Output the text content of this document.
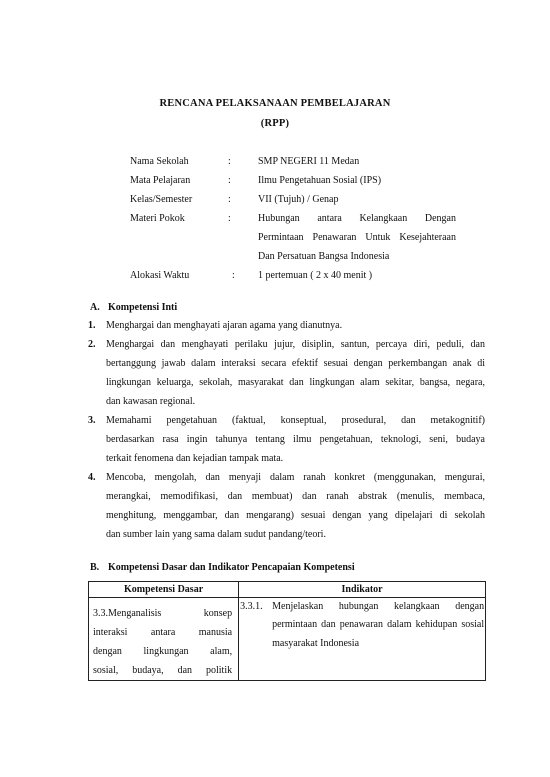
RENCANA PELAKSANAAN PEMBELAJARAN
(RPP)
Nama Sekolah	:	SMP NEGERI 11 Medan
Mata Pelajaran	:	Ilmu Pengetahuan Sosial (IPS)
Kelas/Semester	:	VII (Tujuh) / Genap
Materi Pokok	:	Hubungan antara Kelangkaan Dengan
Permintaan Penawaran Untuk Kesejahteraan
Dan Persatuan Bangsa Indonesia
Alokasi Waktu	:	1 pertemuan ( 2 x 40 menit )
A. Kompetensi Inti
1.	Menghargai dan menghayati ajaran agama yang dianutnya.
2.	Menghargai dan menghayati perilaku jujur, disiplin, santun, percaya diri, peduli, dan
bertanggung jawab dalam interaksi secara efektif sesuai dengan perkembangan anak di
lingkungan keluarga, sekolah, masyarakat dan lingkungan alam sekitar, bangsa, negara,
dan kawasan regional.
3.	Memahami pengetahuan (faktual, konseptual, prosedural, dan metakognitif)
berdasarkan rasa ingin tahunya tentang ilmu pengetahuan, teknologi, seni, budaya
terkait fenomena dan kejadian tampak mata.
4.	Mencoba, mengolah, dan menyaji dalam ranah konkret (menggunakan, mengurai,
merangkai, memodifikasi, dan membuat) dan ranah abstrak (menulis, membaca,
menghitung, menggambar, dan mengarang) sesuai dengan yang dipelajari di sekolah
dan sumber lain yang sama dalam sudut pandang/teori.
B. Kompetensi Dasar dan Indikator Pencapaian Kompetensi
Kompetensi Dasar	Indikator

3.3.Menganalisis konsep
interaksi antara manusia
dengan lingkungan alam,
sosial, budaya, dan politik	3.3.1. Menjelaskan hubungan kelangkaan dengan
permintaan dan penawaran dalam kehidupan sosial
masyarakat Indonesia
